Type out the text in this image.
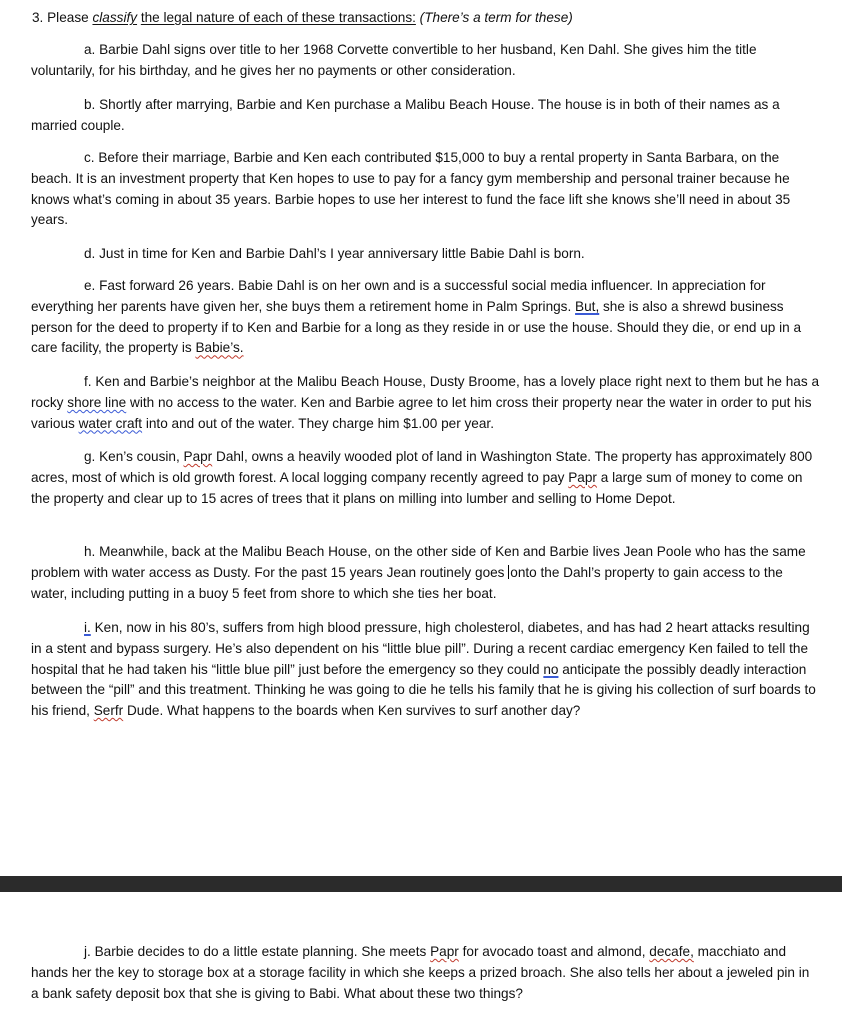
3. Please classify the legal nature of each of these transactions: (There’s a term for these)
a. Barbie Dahl signs over title to her 1968 Corvette convertible to her husband, Ken Dahl. She gives him the title voluntarily, for his birthday, and he gives her no payments or other consideration.
b. Shortly after marrying, Barbie and Ken purchase a Malibu Beach House. The house is in both of their names as a married couple.
c. Before their marriage, Barbie and Ken each contributed $15,000 to buy a rental property in Santa Barbara, on the beach. It is an investment property that Ken hopes to use to pay for a fancy gym membership and personal trainer because he knows what’s coming in about 35 years. Barbie hopes to use her interest to fund the face lift she knows she’ll need in about 35 years.
d. Just in time for Ken and Barbie Dahl’s I year anniversary little Babie Dahl is born.
e. Fast forward 26 years. Babie Dahl is on her own and is a successful social media influencer. In appreciation for everything her parents have given her, she buys them a retirement home in Palm Springs. But, she is also a shrewd business person for the deed to property if to Ken and Barbie for a long as they reside in or use the house. Should they die, or end up in a care facility, the property is Babie’s.
f. Ken and Barbie’s neighbor at the Malibu Beach House, Dusty Broome, has a lovely place right next to them but he has a rocky shore line with no access to the water. Ken and Barbie agree to let him cross their property near the water in order to put his various water craft into and out of the water. They charge him $1.00 per year.
g. Ken’s cousin, Papr Dahl, owns a heavily wooded plot of land in Washington State. The property has approximately 800 acres, most of which is old growth forest. A local logging company recently agreed to pay Papr a large sum of money to come on the property and clear up to 15 acres of trees that it plans on milling into lumber and selling to Home Depot.
h. Meanwhile, back at the Malibu Beach House, on the other side of Ken and Barbie lives Jean Poole who has the same problem with water access as Dusty. For the past 15 years Jean routinely goes onto the Dahl’s property to gain access to the water, including putting in a buoy 5 feet from shore to which she ties her boat.
i. Ken, now in his 80’s, suffers from high blood pressure, high cholesterol, diabetes, and has had 2 heart attacks resulting in a stent and bypass surgery. He’s also dependent on his “little blue pill”. During a recent cardiac emergency Ken failed to tell the hospital that he had taken his “little blue pill” just before the emergency so they could no anticipate the possibly deadly interaction between the “pill” and this treatment. Thinking he was going to die he tells his family that he is giving his collection of surf boards to his friend, Serfr Dude. What happens to the boards when Ken survives to surf another day?
j. Barbie decides to do a little estate planning. She meets Papr for avocado toast and almond, decafe, macchiato and hands her the key to storage box at a storage facility in which she keeps a prized broach. She also tells her about a jeweled pin in a bank safety deposit box that she is giving to Babi. What about these two things?
